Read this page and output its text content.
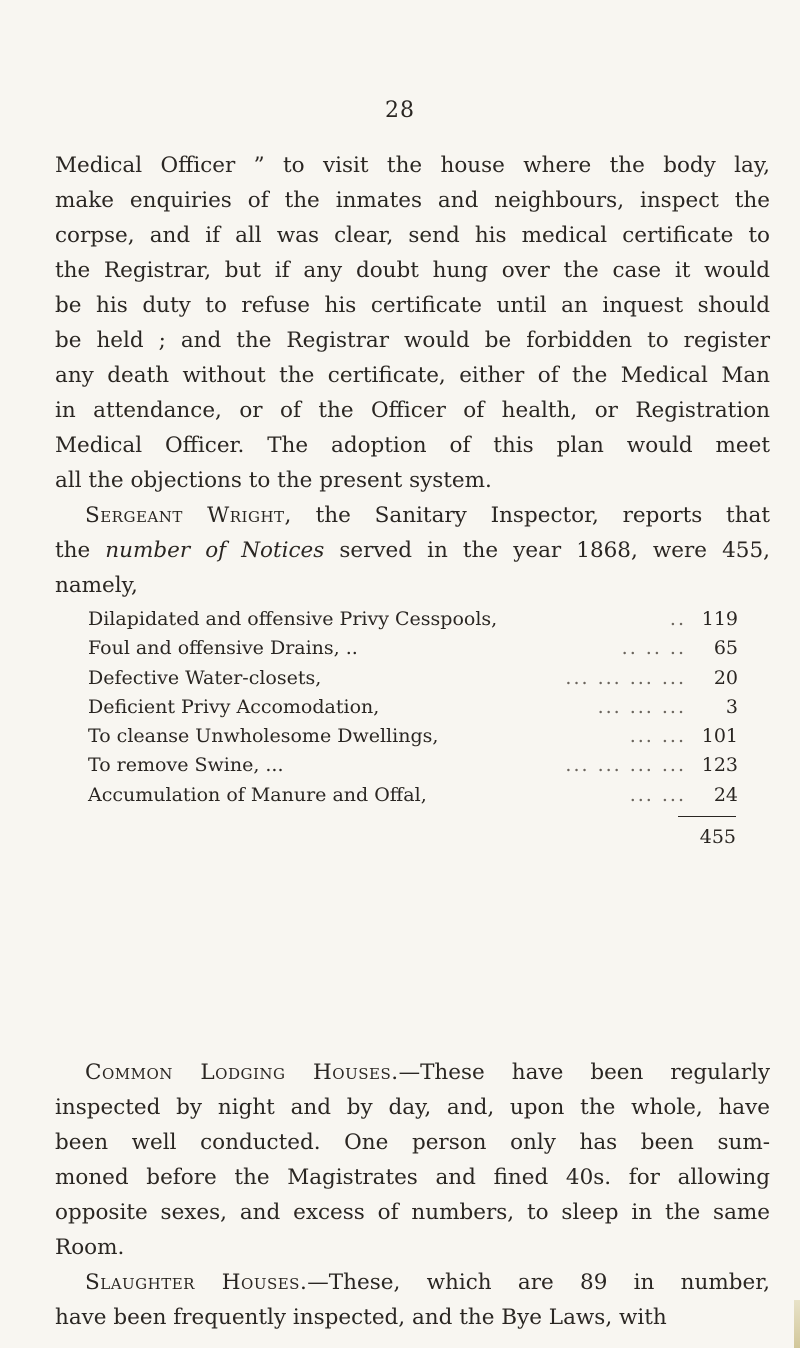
28
Medical Officer ” to visit the house where the body lay,
make enquiries of the inmates and neighbours, inspect the
corpse, and if all was clear, send his medical certificate to
the Registrar, but if any doubt hung over the case it would
be his duty to refuse his certificate until an inquest should
be held ; and the Registrar would be forbidden to register
any death without the certificate, either of the Medical Man
in attendance, or of the Officer of health, or Registration
Medical Officer. The adoption of this plan would meet
all the objections to the present system.
Sergeant Wright, the Sanitary Inspector, reports that
the number of Notices served in the year 1868, were 455,
namely,
Dilapidated and offensive Privy Cesspools,	.. 119
Foul and offensive Drains, ..	.. .. ..	65
Defective Water-closets,	... ... ... ...	20
Deficient Privy Accomodation,	... ... ...	3
To cleanse Unwholesome Dwellings,	... ... 101
To remove Swine, ...	... ... ... ... 123
Accumulation of Manure and Offal,	... ...	24
455
Common Lodging Houses.—These have been regularly
inspected by night and by day, and, upon the whole, have
been well conducted. One person only has been sum-
moned before the Magistrates and fined 40s. for allowing
opposite sexes, and excess of numbers, to sleep in the same
Room.
Slaughter Houses.—These, which are 89 in number,
have been frequently inspected, and the Bye Laws, with
